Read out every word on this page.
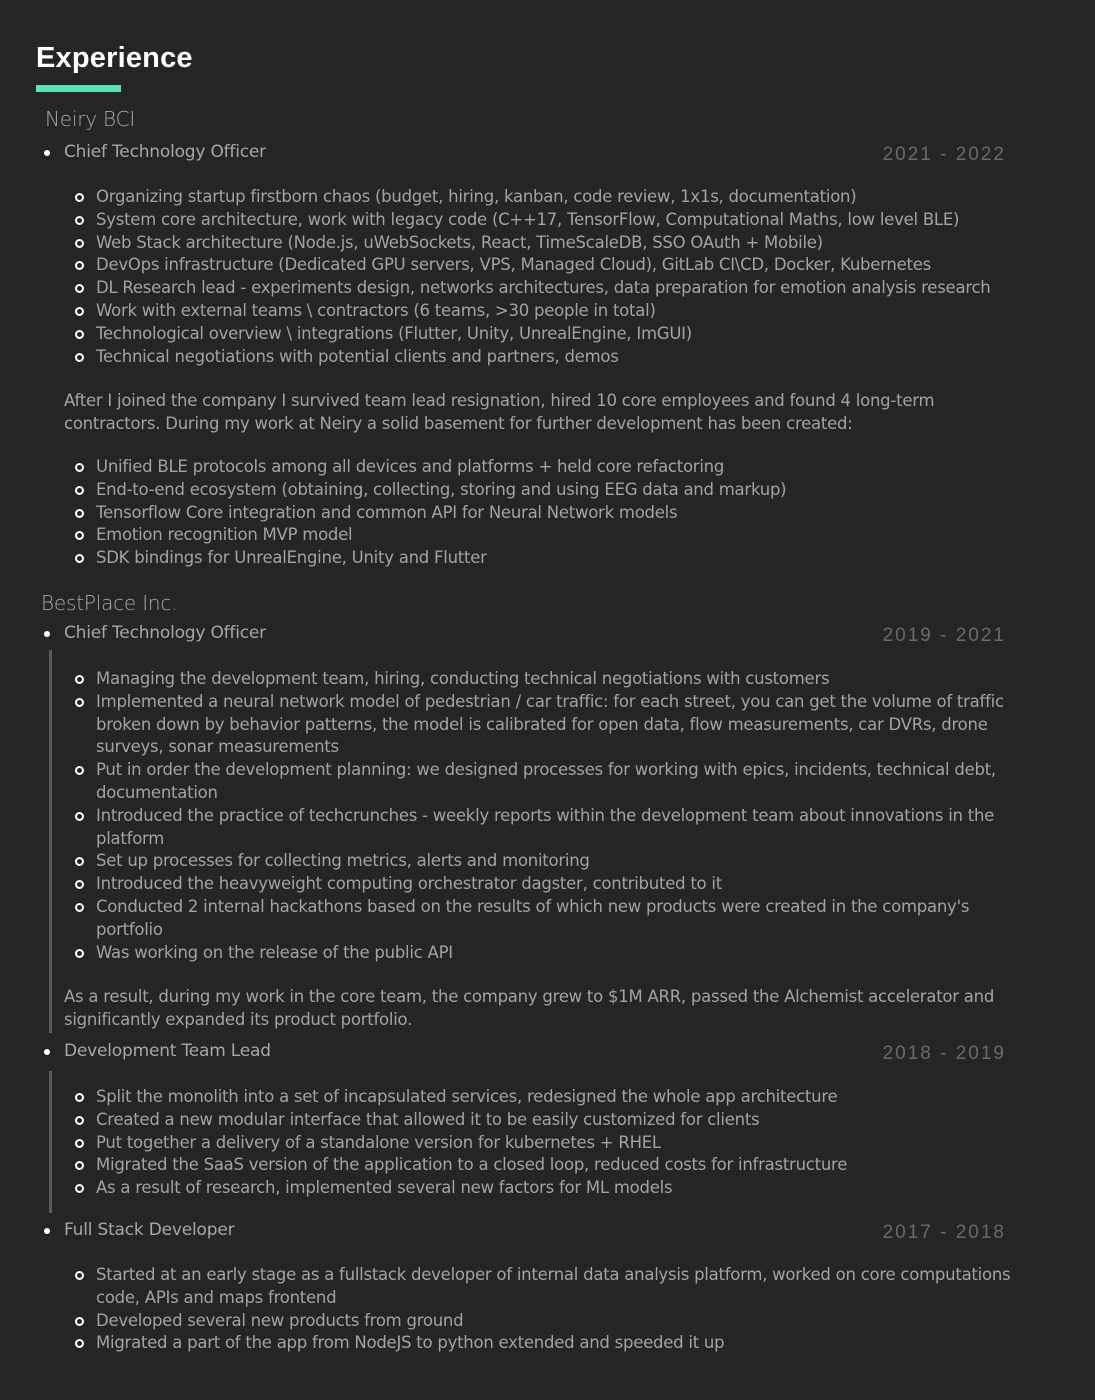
Experience
Neiry BCI
Chief Technology Officer	2021 - 2022
Organizing startup firstborn chaos (budget, hiring, kanban, code review, 1x1s, documentation)
System core architecture, work with legacy code (C++17, TensorFlow, Computational Maths, low level BLE)
Web Stack architecture (Node.js, uWebSockets, React, TimeScaleDB, SSO OAuth + Mobile)
DevOps infrastructure (Dedicated GPU servers, VPS, Managed Cloud), GitLab CI\CD, Docker, Kubernetes
DL Research lead - experiments design, networks architectures, data preparation for emotion analysis research
Work with external teams \ contractors (6 teams, >30 people in total)
Technological overview \ integrations (Flutter, Unity, UnrealEngine, ImGUI)
Technical negotiations with potential clients and partners, demos

After I joined the company I survived team lead resignation, hired 10 core employees and found 4 long-term contractors. During my work at Neiry a solid basement for further development has been created:

Unified BLE protocols among all devices and platforms + held core refactoring
End-to-end ecosystem (obtaining, collecting, storing and using EEG data and markup)
Tensorflow Core integration and common API for Neural Network models
Emotion recognition MVP model
SDK bindings for UnrealEngine, Unity and Flutter
BestPlace Inc.
Chief Technology Officer	2019 - 2021
Managing the development team, hiring, conducting technical negotiations with customers
Implemented a neural network model of pedestrian / car traffic: for each street, you can get the volume of traffic broken down by behavior patterns, the model is calibrated for open data, flow measurements, car DVRs, drone surveys, sonar measurements
Put in order the development planning: we designed processes for working with epics, incidents, technical debt, documentation
Introduced the practice of techcrunches - weekly reports within the development team about innovations in the platform
Set up processes for collecting metrics, alerts and monitoring
Introduced the heavyweight computing orchestrator dagster, contributed to it
Conducted 2 internal hackathons based on the results of which new products were created in the company's portfolio
Was working on the release of the public API

As a result, during my work in the core team, the company grew to $1M ARR, passed the Alchemist accelerator and significantly expanded its product portfolio.

Development Team Lead	2018 - 2019
Split the monolith into a set of incapsulated services, redesigned the whole app architecture
Created a new modular interface that allowed it to be easily customized for clients
Put together a delivery of a standalone version for kubernetes + RHEL
Migrated the SaaS version of the application to a closed loop, reduced costs for infrastructure
As a result of research, implemented several new factors for ML models
Full Stack Developer	2017 - 2018
Started at an early stage as a fullstack developer of internal data analysis platform, worked on core computations code, APIs and maps frontend
Developed several new products from ground
Migrated a part of the app from NodeJS to python extended and speeded it up
